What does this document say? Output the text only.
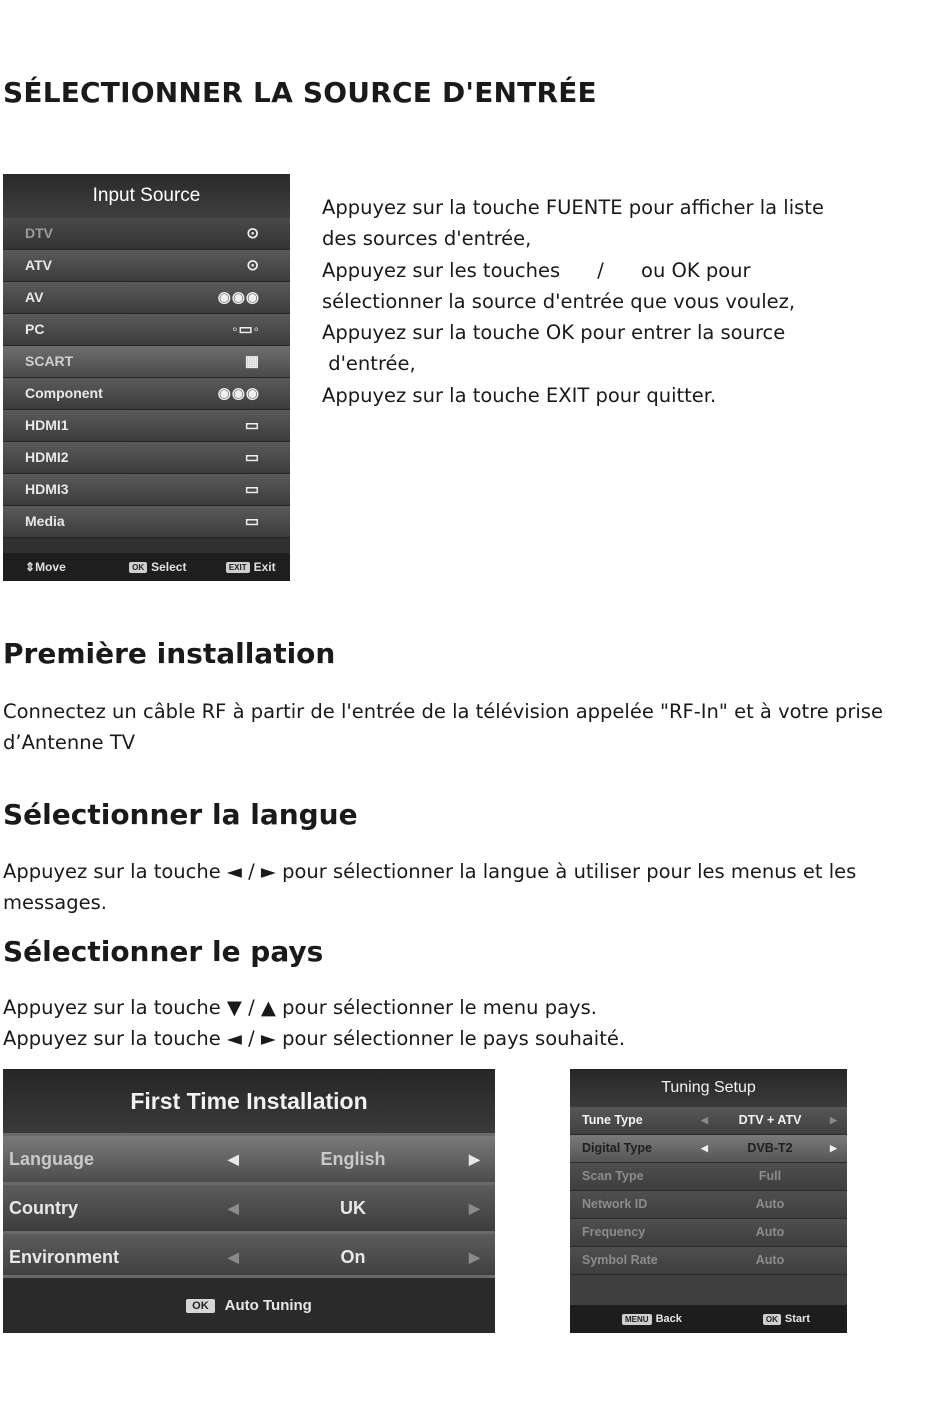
SÉLECTIONNER LA SOURCE D'ENTRÉE
Input Source
DTV	⊙
ATV	⊙
AV	◉◉◉
PC	◦▭◦
SCART	▦
Component	◉◉◉
HDMI1	▭
HDMI2	▭
HDMI3	▭
Media	▭
⇕Move	OK Select	EXIT Exit
Appuyez sur la touche FUENTE pour afficher la liste
des sources d'entrée,
Appuyez sur les touches      /      ou OK pour
sélectionner la source d'entrée que vous voulez,
Appuyez sur la touche OK pour entrer la source
d'entrée,
Appuyez sur la touche EXIT pour quitter.
Première installation
Connectez un câble RF à partir de l'entrée de la télévision appelée "RF-In" et à votre prise
d’Antenne TV
Sélectionner la langue
Appuyez sur la touche ◄ / ► pour sélectionner la langue à utiliser pour les menus et les
messages.
Sélectionner le pays
Appuyez sur la touche ▼ / ▲ pour sélectionner le menu pays.
Appuyez sur la touche ◄ / ► pour sélectionner le pays souhaité.
First Time Installation
Language	◀	English	▶
Country	◀	UK	▶
Environment	◀	On	▶
OK Auto Tuning
Tuning Setup
Tune Type	◀	DTV + ATV	▶
Digital Type	◀	DVB-T2	▶
Scan Type	Full
Network ID	Auto
Frequency	Auto
Symbol Rate	Auto
MENU Back	OK Start
